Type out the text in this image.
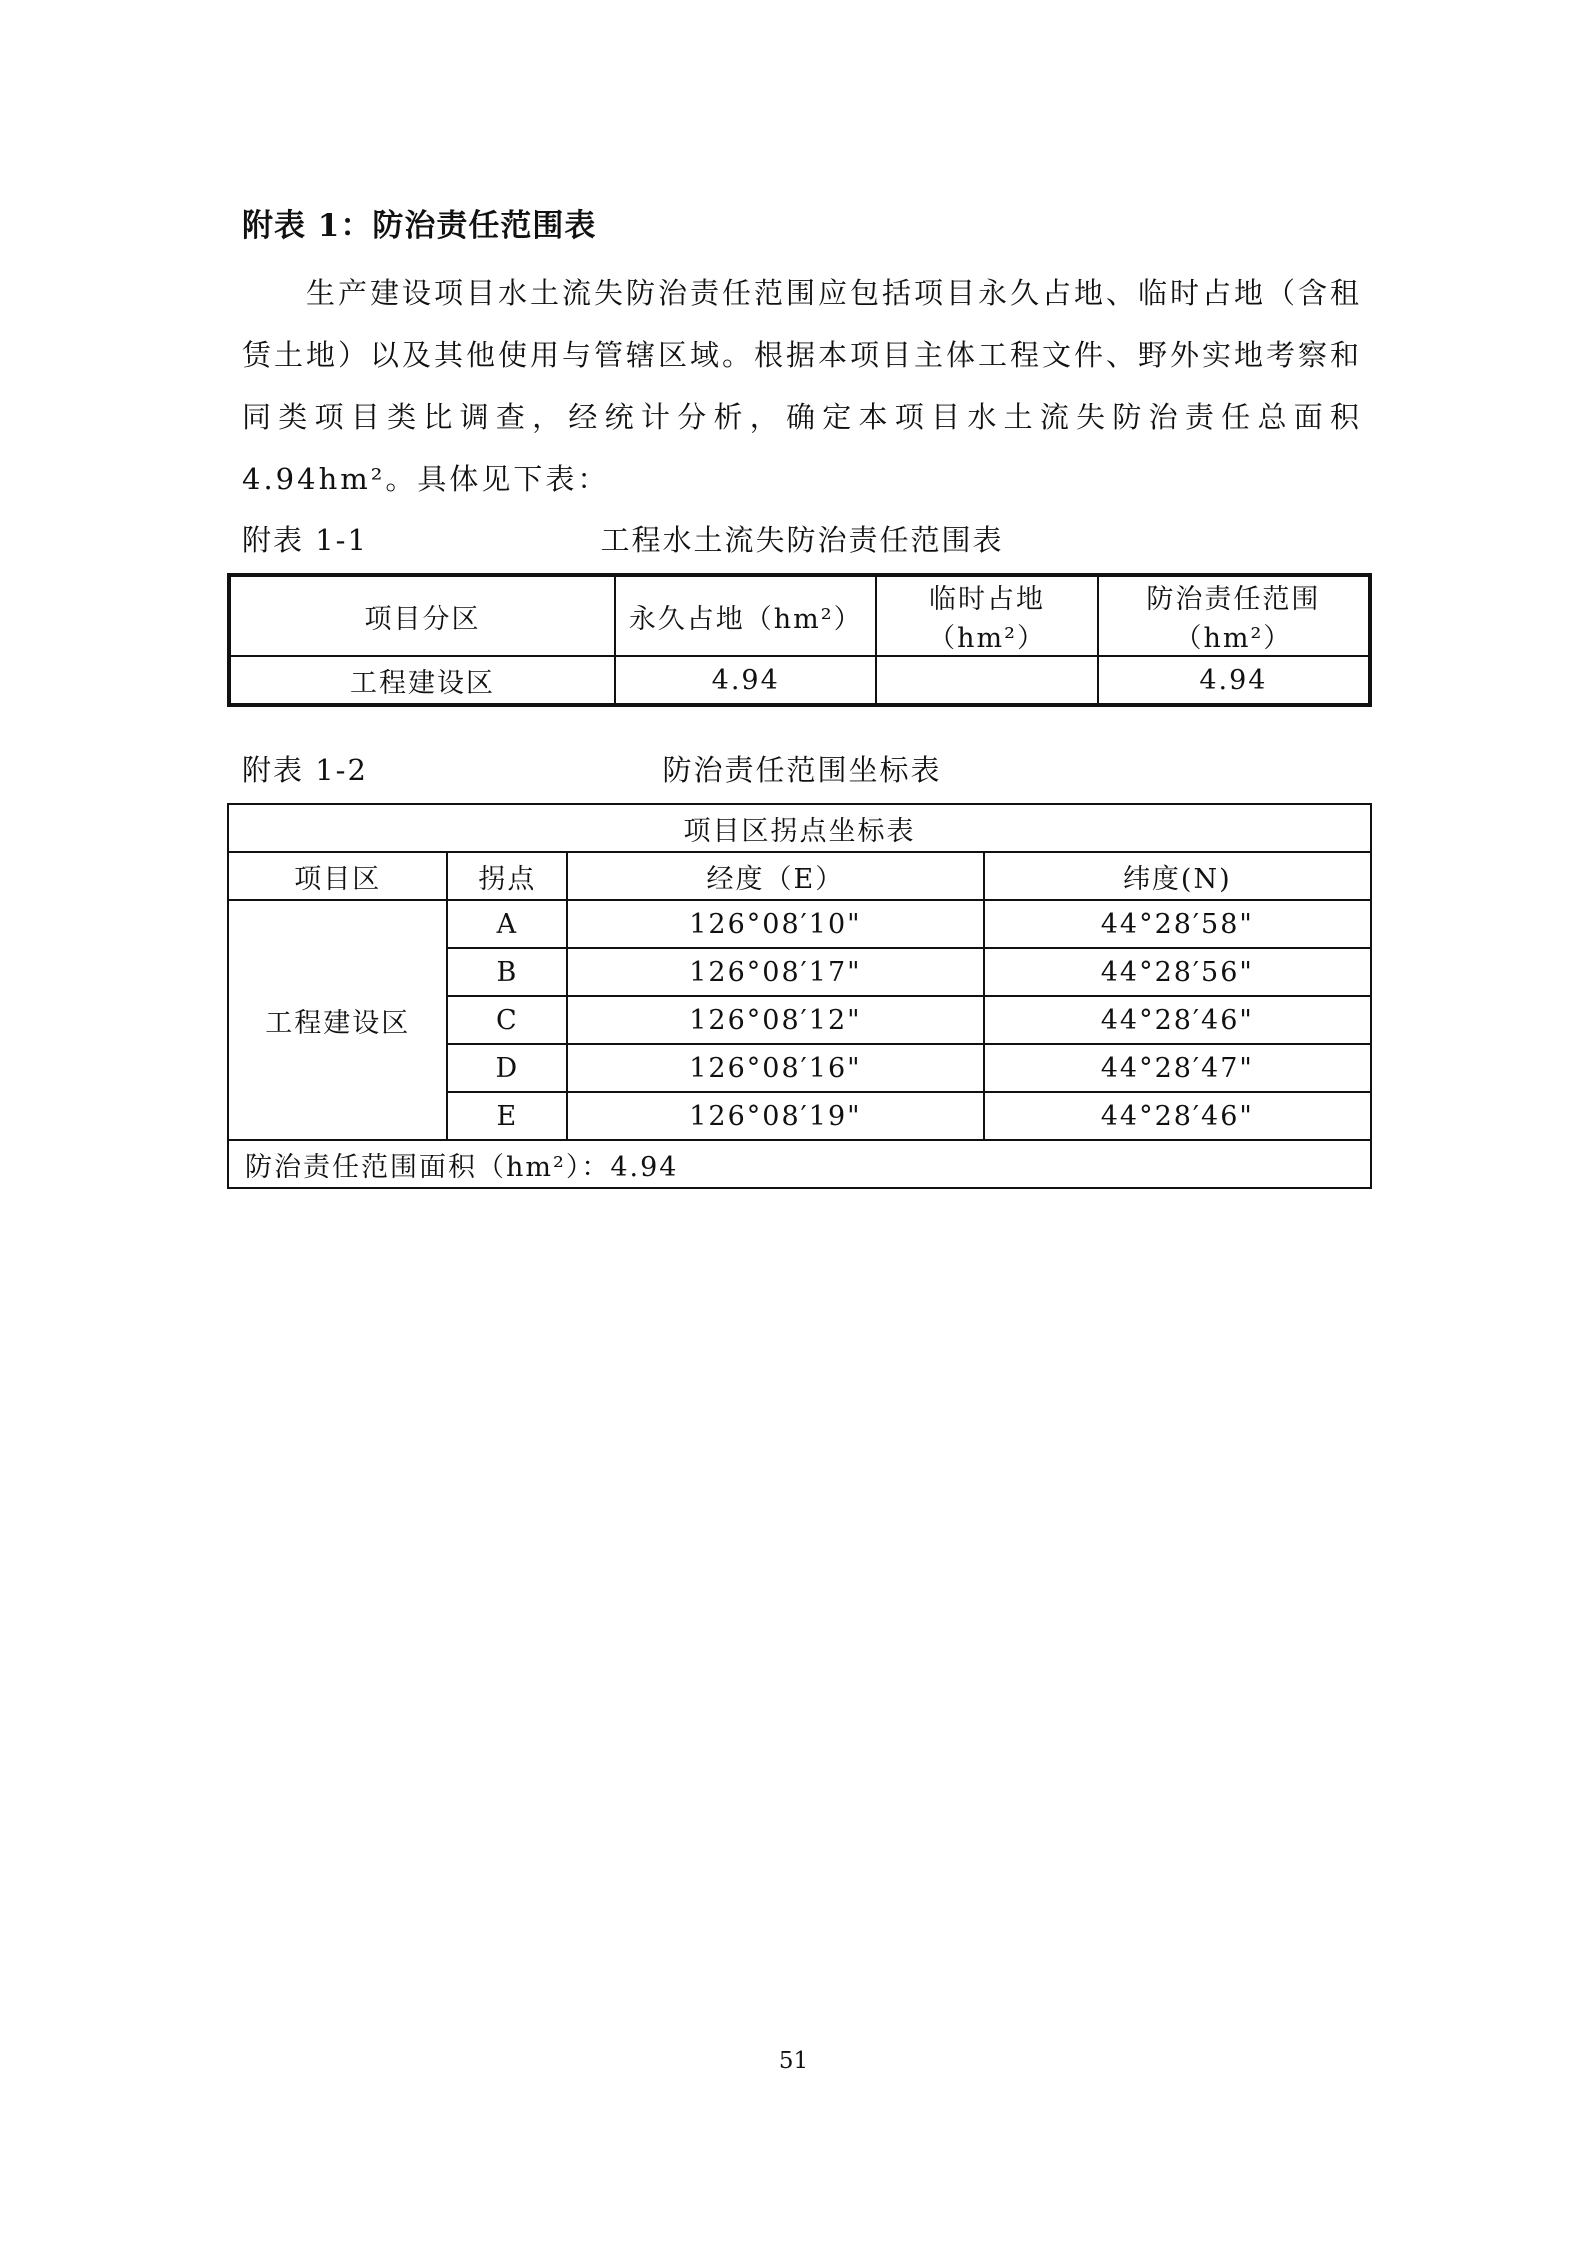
附表 1：防治责任范围表
生产建设项目水土流失防治责任范围应包括项目永久占地、临时占地（含租赁土地）以及其他使用与管辖区域。根据本项目主体工程文件、野外实地考察和同类项目类比调查，经统计分析，确定本项目水土流失防治责任总面积 4.94hm²。具体见下表：
附表 1-1	工程水土流失防治责任范围表
项目分区	永久占地（hm²）	临时占地（hm²）	防治责任范围（hm²）
工程建设区	4.94		4.94
附表 1-2	防治责任范围坐标表
项目区拐点坐标表			
项目区	拐点	经度（E）	纬度(N)
工程建设区	A	126°08′10"	44°28′58"
	B	126°08′17"	44°28′56"
	C	126°08′12"	44°28′46"
	D	126°08′16"	44°28′47"
	E	126°08′19"	44°28′46"
防治责任范围面积（hm²）：4.94			
51
